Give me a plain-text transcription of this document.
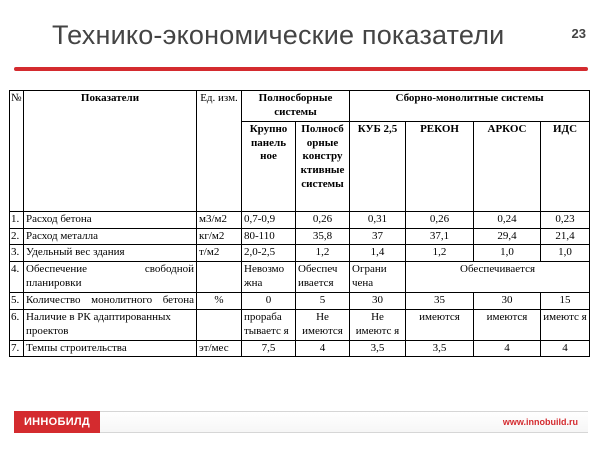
Технико-экономические показатели	23
№	Показатели	Ед. изм.	Полносборные системы		Сборно-монолитные системы			
			Крупно панель ное	Полносб орные констру ктивные системы	КУБ 2,5	РЕКОН	АРКОС	ИДС
1.	Расход бетона	м3/м2	0,7-0,9	0,26	0,31	0,26	0,24	0,23
2.	Расход металла	кг/м2	80-110	35,8	37	37,1	29,4	21,4
3.	Удельный вес здания	т/м2	2,0-2,5	1,2	1,4	1,2	1,0	1,0
4.	Обеспечение свободной планировки		Невозмо жна	Обеспеч ивается	Ограни чена	Обеспечивается		
5.	Количество монолитного бетона	%	0	5	30	35	30	15
6.	Наличие в РК адаптированных проектов		прораба тываетс я	Не имеются	Не имеютс я	имеются	имеются	имеютс я
7.	Темпы строительства	эт/мес	7,5	4	3,5	3,5	4	4
ИННОБИЛД	www.innobuild.ru
